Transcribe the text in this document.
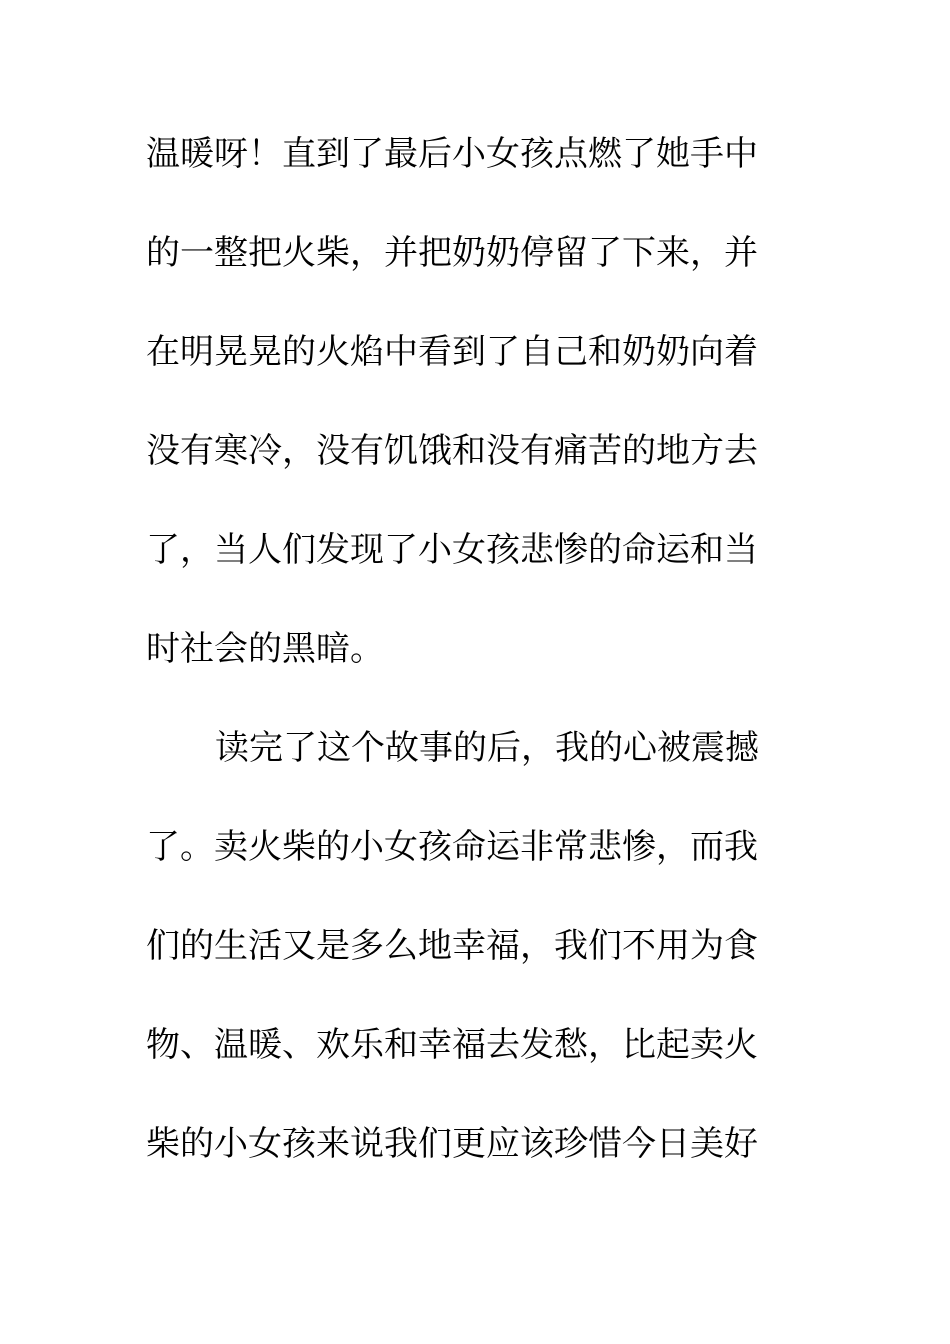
温暖呀！直到了最后小女孩点燃了她手中
的一整把火柴，并把奶奶停留了下来，并
在明晃晃的火焰中看到了自己和奶奶向着
没有寒冷，没有饥饿和没有痛苦的地方去
了，当人们发现了小女孩悲惨的命运和当
时社会的黑暗。
读完了这个故事的后，我的心被震撼
了。卖火柴的小女孩命运非常悲惨，而我
们的生活又是多么地幸福，我们不用为食
物、温暖、欢乐和幸福去发愁，比起卖火
柴的小女孩来说我们更应该珍惜今日美好
